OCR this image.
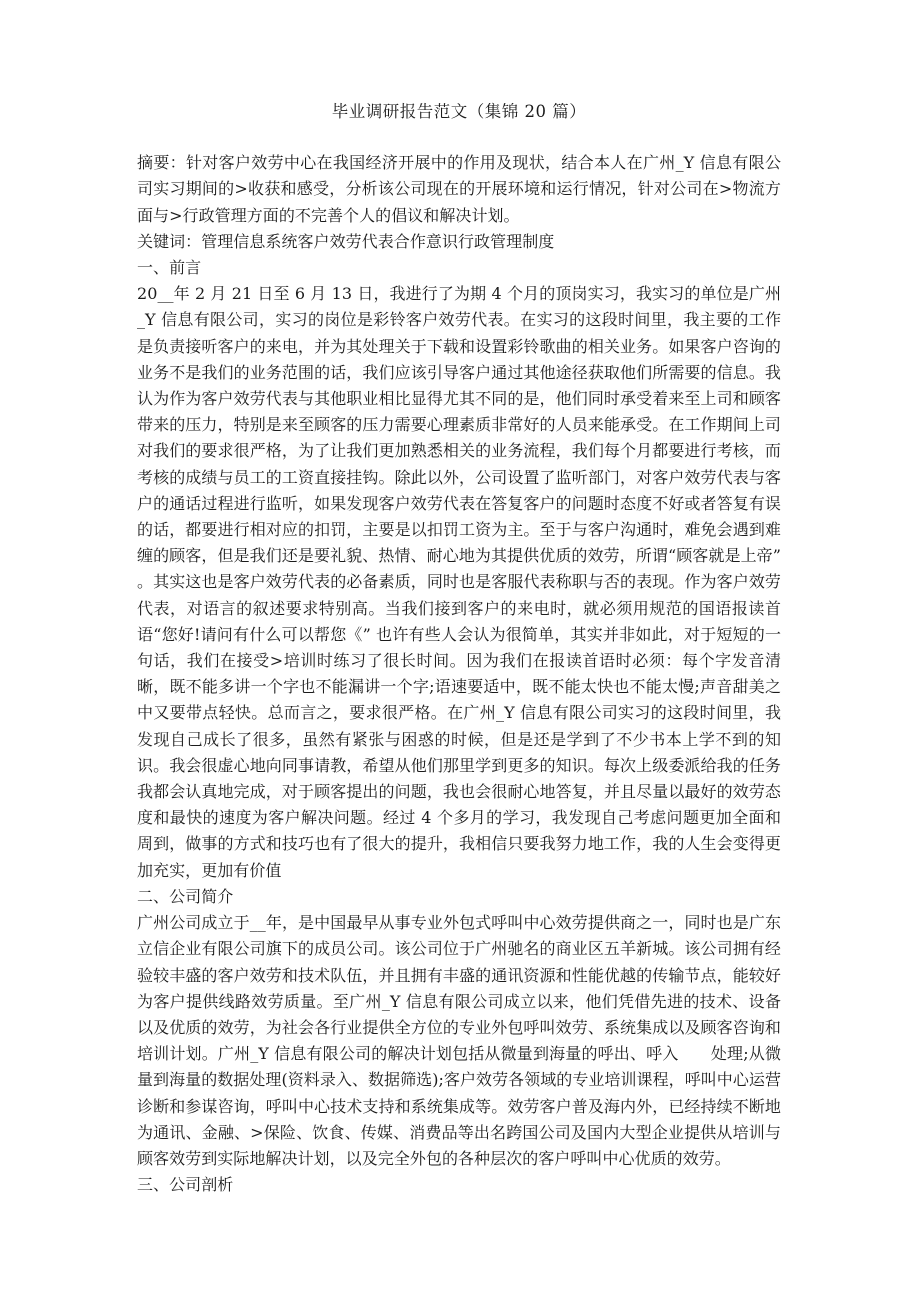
毕业调研报告范文（集锦 20 篇）

摘要：针对客户效劳中心在我国经济开展中的作用及现状，结合本人在广州_Y 信息有限公司实习期间的>收获和感受，分析该公司现在的开展环境和运行情况，针对公司在>物流方面与>行政管理方面的不完善个人的倡议和解决计划。

关键词：管理信息系统客户效劳代表合作意识行政管理制度

一、前言

20__年 2 月 21 日至 6 月 13 日，我进行了为期 4 个月的顶岗实习，我实习的单位是广州_Y 信息有限公司，实习的岗位是彩铃客户效劳代表。在实习的这段时间里，我主要的工作是负责接听客户的来电，并为其处理关于下载和设置彩铃歌曲的相关业务。如果客户咨询的业务不是我们的业务范围的话，我们应该引导客户通过其他途径获取他们所需要的信息。我认为作为客户效劳代表与其他职业相比显得尤其不同的是，他们同时承受着来至上司和顾客带来的压力，特别是来至顾客的压力需要心理素质非常好的人员来能承受。在工作期间上司对我们的要求很严格，为了让我们更加熟悉相关的业务流程，我们每个月都要进行考核，而考核的成绩与员工的工资直接挂钩。除此以外，公司设置了监听部门，对客户效劳代表与客户的通话过程进行监听，如果发现客户效劳代表在答复客户的问题时态度不好或者答复有误的话，都要进行相对应的扣罚，主要是以扣罚工资为主。至于与客户沟通时，难免会遇到难缠的顾客，但是我们还是要礼貌、热情、耐心地为其提供优质的效劳，所谓“顾客就是上帝” 。其实这也是客户效劳代表的必备素质，同时也是客服代表称职与否的表现。作为客户效劳代表，对语言的叙述要求特别高。当我们接到客户的来电时，就必须用规范的国语报读首语“您好!请问有什么可以帮您《” 也许有些人会认为很简单，其实并非如此，对于短短的一句话，我们在接受>培训时练习了很长时间。因为我们在报读首语时必须：每个字发音清晰，既不能多讲一个字也不能漏讲一个字;语速要适中，既不能太快也不能太慢;声音甜美之中又要带点轻快。总而言之，要求很严格。在广州_Y 信息有限公司实习的这段时间里，我发现自己成长了很多，虽然有紧张与困惑的时候，但是还是学到了不少书本上学不到的知识。我会很虚心地向同事请教，希望从他们那里学到更多的知识。每次上级委派给我的任务我都会认真地完成，对于顾客提出的问题，我也会很耐心地答复，并且尽量以最好的效劳态度和最快的速度为客户解决问题。经过 4 个多月的学习，我发现自己考虑问题更加全面和周到，做事的方式和技巧也有了很大的提升，我相信只要我努力地工作，我的人生会变得更加充实，更加有价值

二、公司简介

广州公司成立于__年，是中国最早从事专业外包式呼叫中心效劳提供商之一，同时也是广东立信企业有限公司旗下的成员公司。该公司位于广州驰名的商业区五羊新城。该公司拥有经验较丰盛的客户效劳和技术队伍，并且拥有丰盛的通讯资源和性能优越的传输节点，能较好为客户提供线路效劳质量。至广州_Y 信息有限公司成立以来，他们凭借先进的技术、设备以及优质的效劳，为社会各行业提供全方位的专业外包呼叫效劳、系统集成以及顾客咨询和培训计划。广州_Y 信息有限公司的解决计划包括从微量到海量的呼出、呼入　　处理;从微量到海量的数据处理(资料录入、数据筛选);客户效劳各领域的专业培训课程，呼叫中心运营诊断和参谋咨询，呼叫中心技术支持和系统集成等。效劳客户普及海内外，已经持续不断地为通讯、金融、>保险、饮食、传媒、消费品等出名跨国公司及国内大型企业提供从培训与顾客效劳到实际地解决计划，以及完全外包的各种层次的客户呼叫中心优质的效劳。

三、公司剖析
